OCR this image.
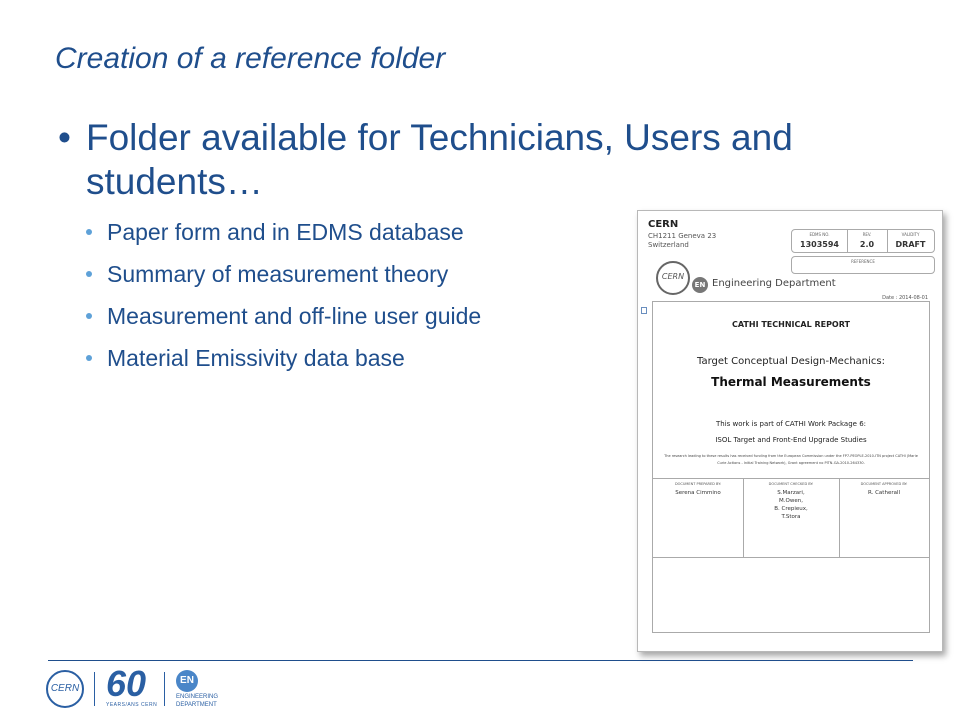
Creation of a reference folder
• Folder available for Technicians, Users and students…
Paper form and in EDMS database
Summary of measurement theory
Measurement and off-line user guide
Material Emissivity data base
CERN
CH1211 Geneva 23
Switzerland
EDMS NO.
1303594
REV.
2.0
VALIDITY
DRAFT
REFERENCE
CERN
EN Engineering Department
Date : 2014-08-01
CATHI TECHNICAL REPORT
Target Conceptual Design-Mechanics:
Thermal Measurements
This work is part of CATHI Work Package 6:
ISOL Target and Front-End Upgrade Studies
The research leading to these results has received funding from the European Commission under the FP7-PEOPLE-2010-ITN project CATHI (Marie Curie Actions - Initial Training Network), Grant agreement no PITN-GA-2010-264330.
DOCUMENT PREPARED BY:
Serena Cimmino
DOCUMENT CHECKED BY:
S.Marzari,
M.Owen,
B. Crepieux,
T.Stora
DOCUMENT APPROVED BY:
R. Catherall
CERN 60
YEARS/ANS CERN
EN
ENGINEERING
DEPARTMENT
